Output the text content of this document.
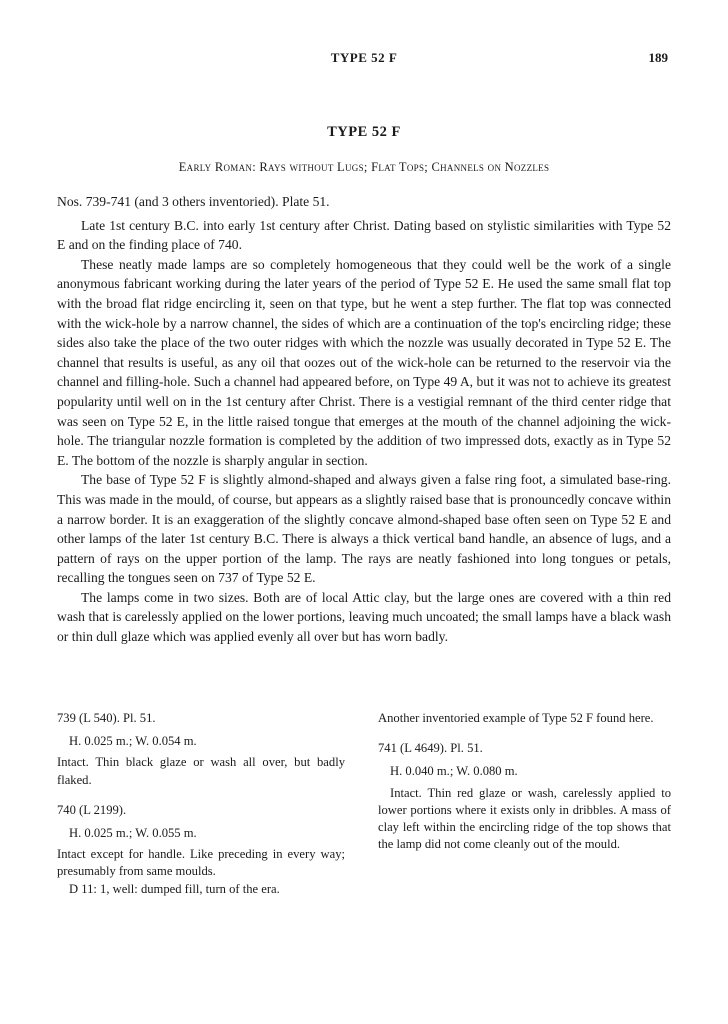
TYPE 52 F	189
TYPE 52 F
Early Roman: Rays without Lugs; Flat Tops; Channels on Nozzles

Nos. 739-741 (and 3 others inventoried). Plate 51.

Late 1st century B.C. into early 1st century after Christ. Dating based on stylistic similarities with Type 52 E and on the finding place of 740.

These neatly made lamps are so completely homogeneous that they could well be the work of a single anonymous fabricant working during the later years of the period of Type 52 E. He used the same small flat top with the broad flat ridge encircling it, seen on that type, but he went a step further. The flat top was connected with the wick-hole by a narrow channel, the sides of which are a continuation of the top's encircling ridge; these sides also take the place of the two outer ridges with which the nozzle was usually decorated in Type 52 E. The channel that results is useful, as any oil that oozes out of the wick-hole can be returned to the reservoir via the channel and filling-hole. Such a channel had appeared before, on Type 49 A, but it was not to achieve its greatest popularity until well on in the 1st century after Christ. There is a vestigial remnant of the third center ridge that was seen on Type 52 E, in the little raised tongue that emerges at the mouth of the channel adjoining the wick-hole. The triangular nozzle formation is completed by the addition of two impressed dots, exactly as in Type 52 E. The bottom of the nozzle is sharply angular in section.

The base of Type 52 F is slightly almond-shaped and always given a false ring foot, a simulated base-ring. This was made in the mould, of course, but appears as a slightly raised base that is pronouncedly concave within a narrow border. It is an exaggeration of the slightly concave almond-shaped base often seen on Type 52 E and other lamps of the later 1st century B.C. There is always a thick vertical band handle, an absence of lugs, and a pattern of rays on the upper portion of the lamp. The rays are neatly fashioned into long tongues or petals, recalling the tongues seen on 737 of Type 52 E.

The lamps come in two sizes. Both are of local Attic clay, but the large ones are covered with a thin red wash that is carelessly applied on the lower portions, leaving much uncoated; the small lamps have a black wash or thin dull glaze which was applied evenly all over but has worn badly.

739 (L 540). Pl. 51.

H. 0.025 m.; W. 0.054 m.

Intact. Thin black glaze or wash all over, but badly flaked.

740 (L 2199).

H. 0.025 m.; W. 0.055 m.

Intact except for handle. Like preceding in every way; presumably from same moulds.

D 11: 1, well: dumped fill, turn of the era.

Another inventoried example of Type 52 F found here.

741 (L 4649). Pl. 51.

H. 0.040 m.; W. 0.080 m.

Intact. Thin red glaze or wash, carelessly applied to lower portions where it exists only in dribbles. A mass of clay left within the encircling ridge of the top shows that the lamp did not come cleanly out of the mould.
